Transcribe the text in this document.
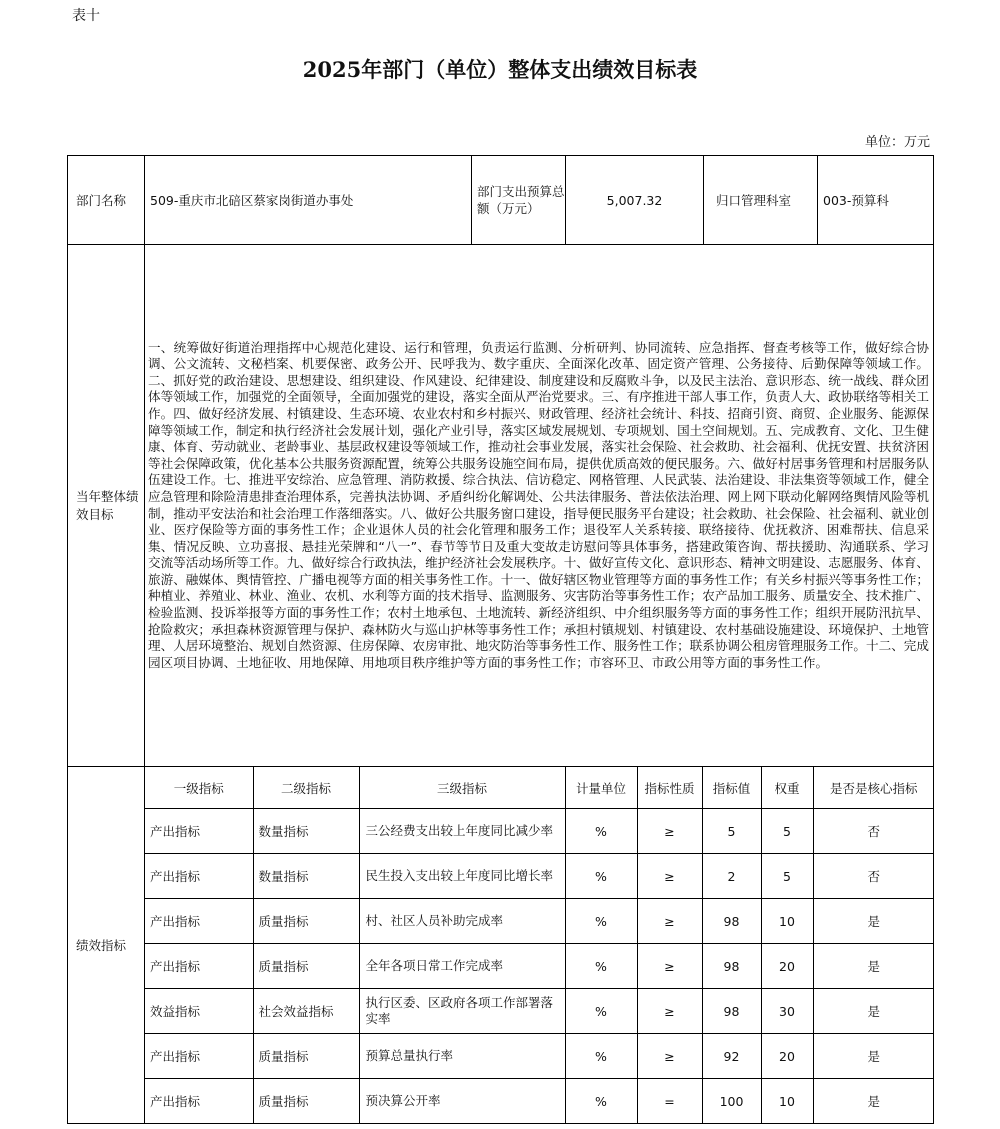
表十
2025年部门（单位）整体支出绩效目标表
单位：万元
部门名称	509-重庆市北碚区蔡家岗街道办事处	部门支出预算总额（万元）	5,007.32	归口管理科室	003-预算科
当年整体绩效目标	
一、统筹做好街道治理指挥中心规范化建设、运行和管理，负责运行监测、分析研判、协同流转、应急指挥、督查考核等工作，做好综合协调、公文流转、文秘档案、机要保密、政务公开、民呼我为、数字重庆、全面深化改革、固定资产管理、公务接待、后勤保障等领域工作。二、抓好党的政治建设、思想建设、组织建设、作风建设、纪律建设、制度建设和反腐败斗争，以及民主法治、意识形态、统一战线、群众团体等领域工作，加强党的全面领导，全面加强党的建设，落实全面从严治党要求。三、有序推进干部人事工作，负责人大、政协联络等相关工作。四、做好经济发展、村镇建设、生态环境、农业农村和乡村振兴、财政管理、经济社会统计、科技、招商引资、商贸、企业服务、能源保障等领域工作，制定和执行经济社会发展计划，强化产业引导，落实区域发展规划、专项规划、国土空间规划。五、完成教育、文化、卫生健康、体育、劳动就业、老龄事业、基层政权建设等领域工作，推动社会事业发展，落实社会保险、社会救助、社会福利、优抚安置、扶贫济困等社会保障政策，优化基本公共服务资源配置，统筹公共服务设施空间布局，提供优质高效的便民服务。六、做好村居事务管理和村居服务队伍建设工作。七、推进平安综治、应急管理、消防救援、综合执法、信访稳定、网格管理、人民武装、法治建设、非法集资等领域工作，健全应急管理和除险清患排查治理体系，完善执法协调、矛盾纠纷化解调处、公共法律服务、普法依法治理、网上网下联动化解网络舆情风险等机制，推动平安法治和社会治理工作落细落实。八、做好公共服务窗口建设，指导便民服务平台建设；社会救助、社会保险、社会福利、就业创业、医疗保险等方面的事务性工作；企业退休人员的社会化管理和服务工作；退役军人关系转接、联络接待、优抚救济、困难帮扶、信息采集、情况反映、立功喜报、悬挂光荣牌和“八一”、春节等节日及重大变故走访慰问等具体事务，搭建政策咨询、帮扶援助、沟通联系、学习交流等活动场所等工作。九、做好综合行政执法，维护经济社会发展秩序。十、做好宣传文化、意识形态、精神文明建设、志愿服务、体育、旅游、融媒体、舆情管控、广播电视等方面的相关事务性工作。十一、做好辖区物业管理等方面的事务性工作；有关乡村振兴等事务性工作；种植业、养殖业、林业、渔业、农机、水利等方面的技术指导、监测服务、灾害防治等事务性工作；农产品加工服务、质量安全、技术推广、检验监测、投诉举报等方面的事务性工作；农村土地承包、土地流转、新经济组织、中介组织服务等方面的事务性工作；组织开展防汛抗旱、抢险救灾；承担森林资源管理与保护、森林防火与巡山护林等事务性工作；承担村镇规划、村镇建设、农村基础设施建设、环境保护、土地管理、人居环境整治、规划自然资源、住房保障、农房审批、地灾防治等事务性工作、服务性工作；联系协调公租房管理服务工作。十二、完成园区项目协调、土地征收、用地保障、用地项目秩序维护等方面的事务性工作；市容环卫、市政公用等方面的事务性工作。

绩效指标	
一级指标	二级指标	三级指标	计量单位	指标性质	指标值	权重	是否是核心指标
产出指标	数量指标	三公经费支出较上年度同比减少率	%	≥	5	5	否
产出指标	数量指标	民生投入支出较上年度同比增长率	%	≥	2	5	否
产出指标	质量指标	村、社区人员补助完成率	%	≥	98	10	是
产出指标	质量指标	全年各项日常工作完成率	%	≥	98	20	是
效益指标	社会效益指标	执行区委、区政府各项工作部署落实率	%	≥	98	30	是
产出指标	质量指标	预算总量执行率	%	≥	92	20	是
产出指标	质量指标	预决算公开率	%	=	100	10	是
